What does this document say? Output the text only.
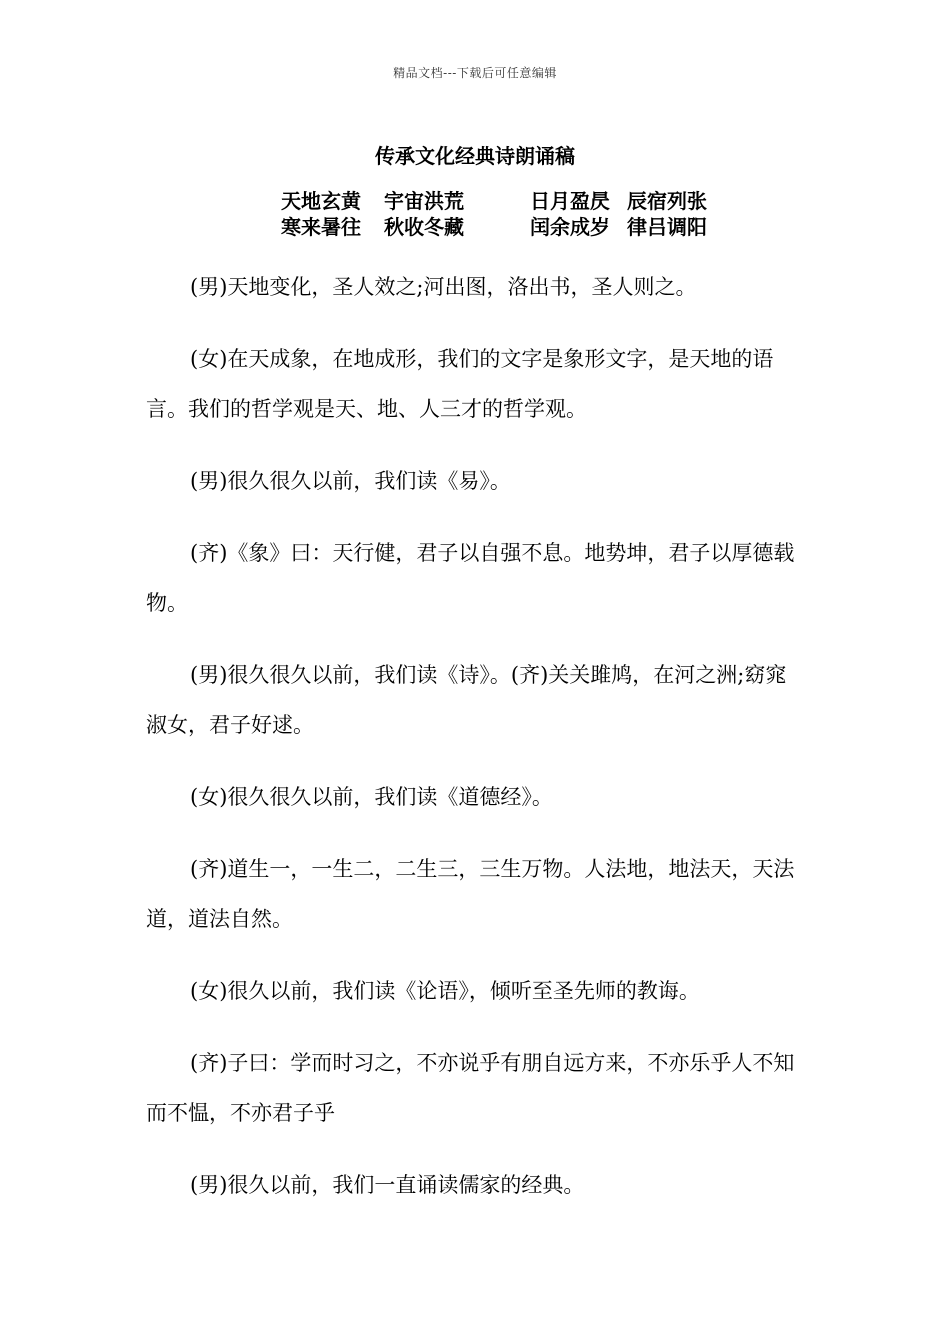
精品文档---下载后可任意编辑
传承文化经典诗朗诵稿
天地玄黄 宇宙洪荒	日月盈昃 辰宿列张
寒来暑往 秋收冬藏	闰余成岁 律吕调阳

(男)天地变化，圣人效之;河出图，洛出书，圣人则之。

(女)在天成象，在地成形，我们的文字是象形文字，是天地的语言。我们的哲学观是天、地、人三才的哲学观。

(男)很久很久以前，我们读《易》。

(齐)《象》曰：天行健，君子以自强不息。地势坤，君子以厚德载物。

(男)很久很久以前，我们读《诗》。(齐)关关雎鸠，在河之洲;窈窕淑女，君子好逑。

(女)很久很久以前，我们读《道德经》。

(齐)道生一，一生二，二生三，三生万物。人法地，地法天，天法道，道法自然。

(女)很久以前，我们读《论语》，倾听至圣先师的教诲。

(齐)子曰：学而时习之，不亦说乎有朋自远方来，不亦乐乎人不知而不愠，不亦君子乎

(男)很久以前，我们一直诵读儒家的经典。
